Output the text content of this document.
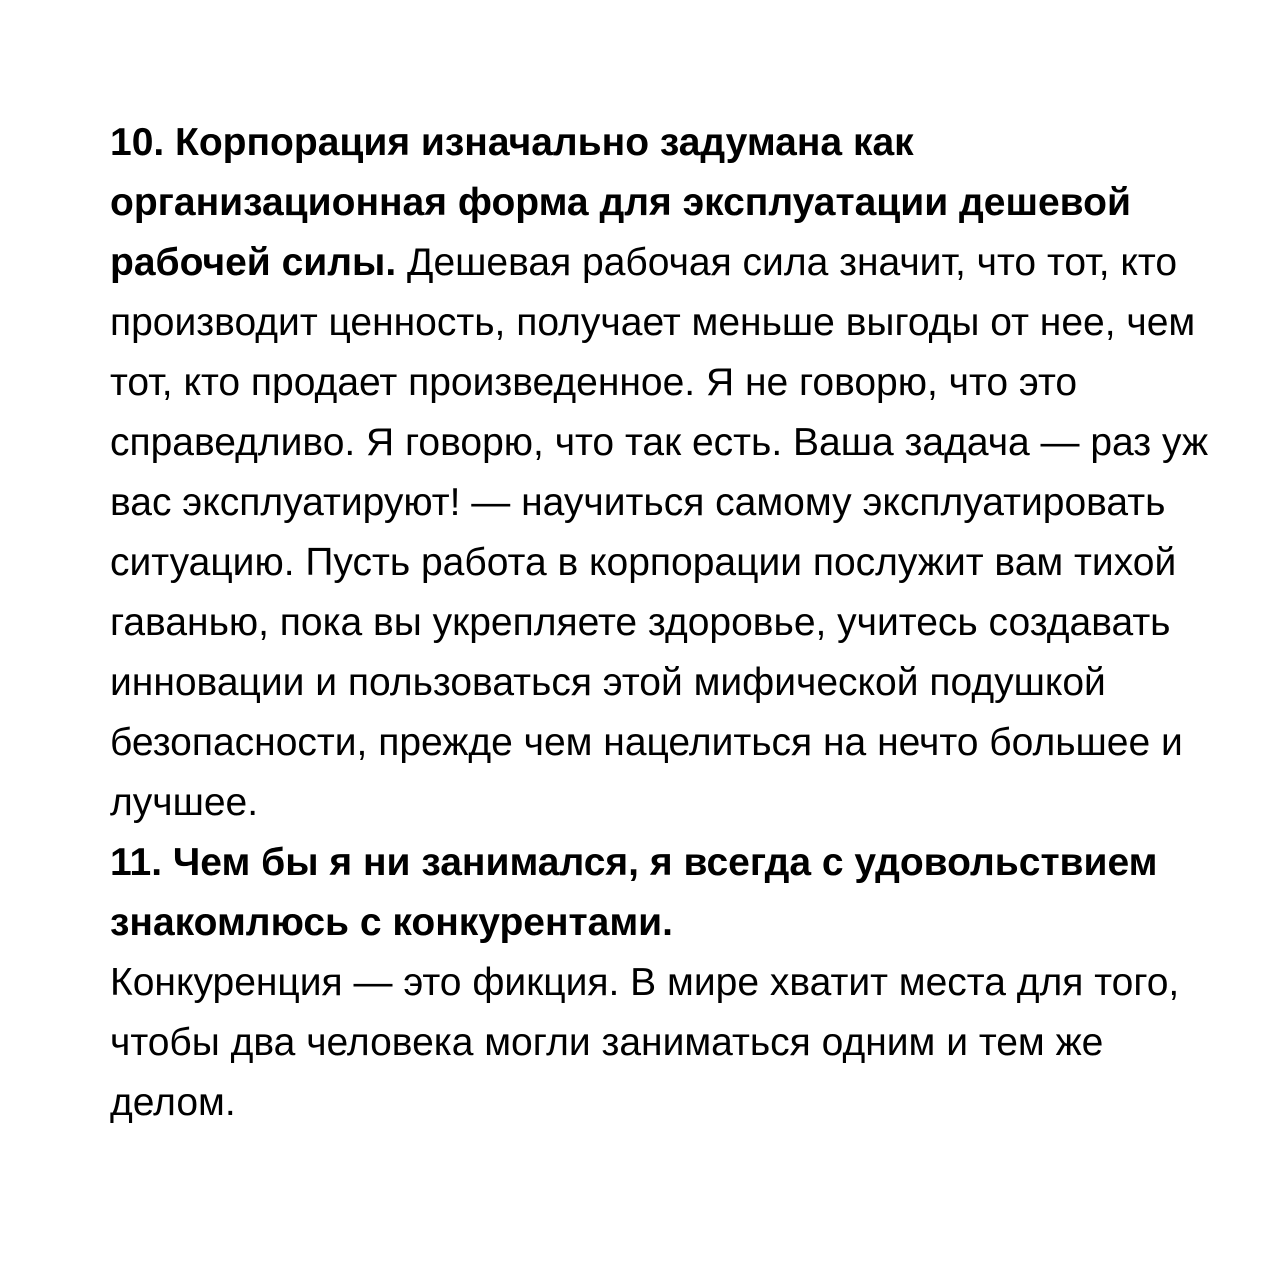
10. Корпорация изначально задумана как организационная форма для эксплуатации дешевой рабочей силы. Дешевая рабочая сила значит, что тот, кто производит ценность, получает меньше выгоды от нее, чем тот, кто продает произведенное. Я не говорю, что это справедливо. Я говорю, что так есть. Ваша задача — раз уж вас эксплуатируют! — научиться самому эксплуатировать ситуацию. Пусть работа в корпорации послужит вам тихой гаванью, пока вы укрепляете здоровье, учитесь создавать инновации и пользоваться этой мифической подушкой безопасности, прежде чем нацелиться на нечто большее и лучшее.

11. Чем бы я ни занимался, я всегда с удовольствием знакомлюсь с конкурентами.
Конкуренция — это фикция. В мире хватит места для того, чтобы два человека могли заниматься одним и тем же делом.
